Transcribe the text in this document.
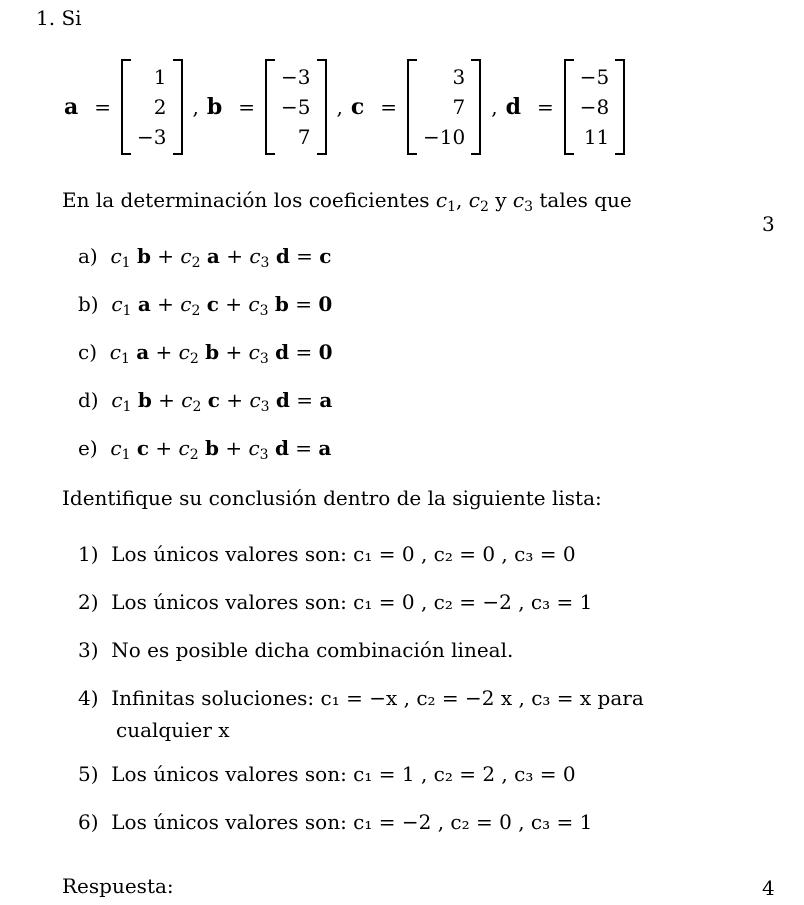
1. Si
a =
1
2
−3
, b =
−3
−5
7
, c =
3
7
−10
, d =
−5
−8
11
En la determinación los coeficientes $c_1$, $c_2$ y $c_3$ tales que
3
4
a) $c_1$ $b + c_2$ $a + c_3$ d = c
b) $c_1$ $a + c_2$ $c + c_3$ b = 0
c) $c_1$ $a + c_2$ $b + c_3$ d = 0
d) $c_1$ $b + c_2$ $c + c_3$ d = a
e) $c_1$ $c + c_2$ $b + c_3$ d = a
Identifique su conclusión dentro de la siguiente lista:
1) Los únicos valores son: c₁ = 0 , c₂ = 0 , c₃ = 0
2) Los únicos valores son: c₁ = 0 , c₂ = −2 , c₃ = 1
3) No es posible dicha combinación lineal.
4) Infinitas soluciones: c₁ = −x , c₂ = −2 x , c₃ = x para
cualquier x
5) Los únicos valores son: c₁ = 1 , c₂ = 2 , c₃ = 0
6) Los únicos valores son: c₁ = −2 , c₂ = 0 , c₃ = 1
Respuesta:
